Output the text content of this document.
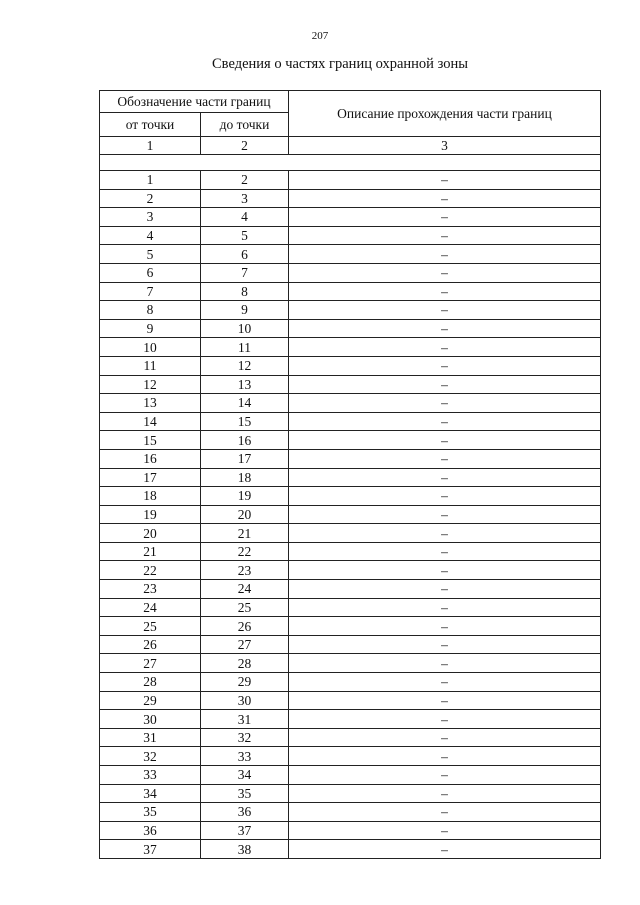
207
Сведения о частях границ охранной зоны
Обозначение части границ		Описание прохождения части границ
от точки	до точки	
1	2	3

1	2	–
2	3	–
3	4	–
4	5	–
5	6	–
6	7	–
7	8	–
8	9	–
9	10	–
10	11	–
11	12	–
12	13	–
13	14	–
14	15	–
15	16	–
16	17	–
17	18	–
18	19	–
19	20	–
20	21	–
21	22	–
22	23	–
23	24	–
24	25	–
25	26	–
26	27	–
27	28	–
28	29	–
29	30	–
30	31	–
31	32	–
32	33	–
33	34	–
34	35	–
35	36	–
36	37	–
37	38	–
